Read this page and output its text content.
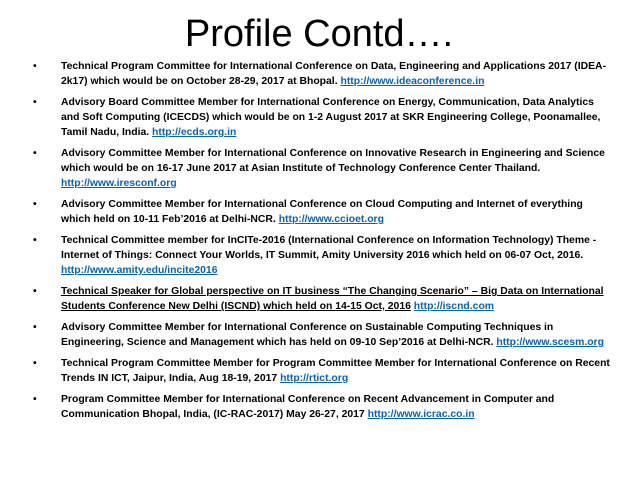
Profile Contd….
•	Technical Program Committee for International Conference on Data, Engineering and Applications 2017 (IDEA-2k17) which would be on October 28-29, 2017 at Bhopal. http://www.ideaconference.in
•	Advisory Board Committee Member for International Conference on Energy, Communication, Data Analytics and Soft Computing (ICECDS) which would be on 1-2 August 2017 at SKR Engineering College, Poonamallee, Tamil Nadu, India. http://ecds.org.in
•	Advisory Committee Member for International Conference on Innovative Research in Engineering and Science which would be on 16-17 June 2017 at Asian Institute of Technology Conference Center Thailand. http://www.iresconf.org
•	Advisory Committee Member for International Conference on Cloud Computing and Internet of everything which held on 10-11 Feb’2016 at Delhi-NCR. http://www.ccioet.org
•	Technical Committee member for InCITe-2016 (International Conference on Information Technology) Theme - Internet of Things: Connect Your Worlds, IT Summit, Amity University 2016 which held on 06-07 Oct, 2016. http://www.amity.edu/incite2016
•	Technical Speaker for Global perspective on IT business “The Changing Scenario” – Big Data on International Students Conference New Delhi (ISCND) which held on 14-15 Oct, 2016 http://iscnd.com
•	Advisory Committee Member for International Conference on Sustainable Computing Techniques in Engineering, Science and Management which has held on 09-10 Sep’2016 at Delhi-NCR. http://www.scesm.org
•	Technical Program Committee Member for Program Committee Member for International Conference on Recent Trends IN ICT, Jaipur, India, Aug 18-19, 2017 http://rtict.org
•	Program Committee Member for International Conference on Recent Advancement in Computer and Communication Bhopal, India, (IC-RAC-2017) May 26-27, 2017 http://www.icrac.co.in
